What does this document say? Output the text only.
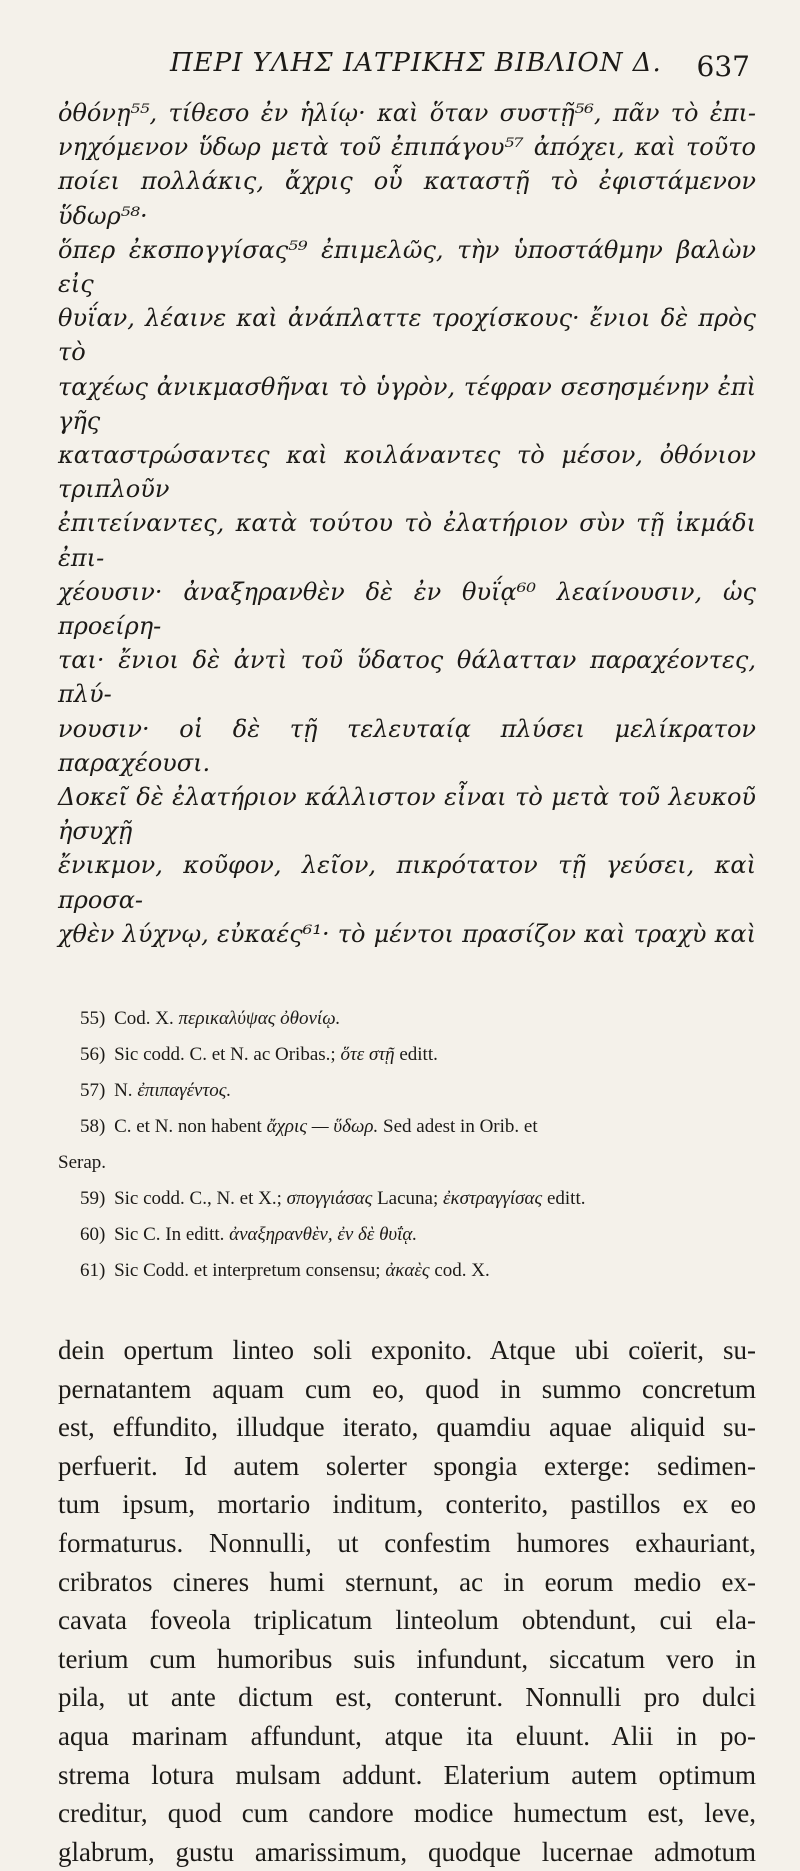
ΠΕΡΙ ΥΛΗΣ ΙΑΤΡΙΚΗΣ ΒΙΒΛΙΟΝ Δ. 637
ὀθόνῃ⁵⁵, τίθεσο ἐν ἡλίῳ· καὶ ὅταν συστῇ⁵⁶, πᾶν τὸ ἐπι-
νηχόμενον ὕδωρ μετὰ τοῦ ἐπιπάγου⁵⁷ ἀπόχει, καὶ τοῦτο
ποίει πολλάκις, ἄχρις οὗ καταστῇ τὸ ἐφιστάμενον ὕδωρ⁵⁸·
ὅπερ ἐκσπογγίσας⁵⁹ ἐπιμελῶς, τὴν ὑποστάθμην βαλὼν εἰς
θυΐαν, λέαινε καὶ ἀνάπλαττε τροχίσκους· ἔνιοι δὲ πρὸς τὸ
ταχέως ἀνικμασθῆναι τὸ ὑγρὸν, τέφραν σεσησμένην ἐπὶ γῆς
καταστρώσαντες καὶ κοιλάναντες τὸ μέσον, ὀθόνιον τριπλοῦν
ἐπιτείναντες, κατὰ τούτου τὸ ἐλατήριον σὺν τῇ ἰκμάδι ἐπι-
χέουσιν· ἀναξηρανθὲν δὲ ἐν θυΐᾳ⁶⁰ λεαίνουσιν, ὡς προείρη-
ται· ἔνιοι δὲ ἀντὶ τοῦ ὕδατος θάλατταν παραχέοντες, πλύ-
νουσιν· οἱ δὲ τῇ τελευταίᾳ πλύσει μελίκρατον παραχέουσι.
Δοκεῖ δὲ ἐλατήριον κάλλιστον εἶναι τὸ μετὰ τοῦ λευκοῦ ἠσυχῇ
ἔνικμον, κοῦφον, λεῖον, πικρότατον τῇ γεύσει, καὶ προσα-
χθὲν λύχνῳ, εὐκαές⁶¹· τὸ μέντοι πρασίζον καὶ τραχὺ καὶ
55) Cod. X. περικαλύψας ὀθονίῳ.
56) Sic codd. C. et N. ac Oribas.; ὅτε στῇ editt.
57) N. ἐπιπαγέντος.
58) C. et N. non habent ἄχρις — ὕδωρ. Sed adest in Orib. et
Serap.
59) Sic codd. C., N. et X.; σπογγιάσας Lacuna; ἐκστραγγίσας editt.
60) Sic C. In editt. ἀναξηρανθὲν, ἐν δὲ θυΐᾳ.
61) Sic Codd. et interpretum consensu; ἀκαὲς cod. X.
dein opertum linteo soli exponito. Atque ubi coïerit, su-
pernatantem aquam cum eo, quod in summo concretum
est, effundito, illudque iterato, quamdiu aquae aliquid su-
perfuerit. Id autem solerter spongia exterge: sedimen-
tum ipsum, mortario inditum, conterito, pastillos ex eo
formaturus. Nonnulli, ut confestim humores exhauriant,
cribratos cineres humi sternunt, ac in eorum medio ex-
cavata foveola triplicatum linteolum obtendunt, cui ela-
terium cum humoribus suis infundunt, siccatum vero in
pila, ut ante dictum est, conterunt. Nonnulli pro dulci
aqua marinam affundunt, atque ita eluunt. Alii in po-
strema lotura mulsam addunt. Elaterium autem optimum
creditur, quod cum candore modice humectum est, leve,
glabrum, gustu amarissimum, quodque lucernae admotum
